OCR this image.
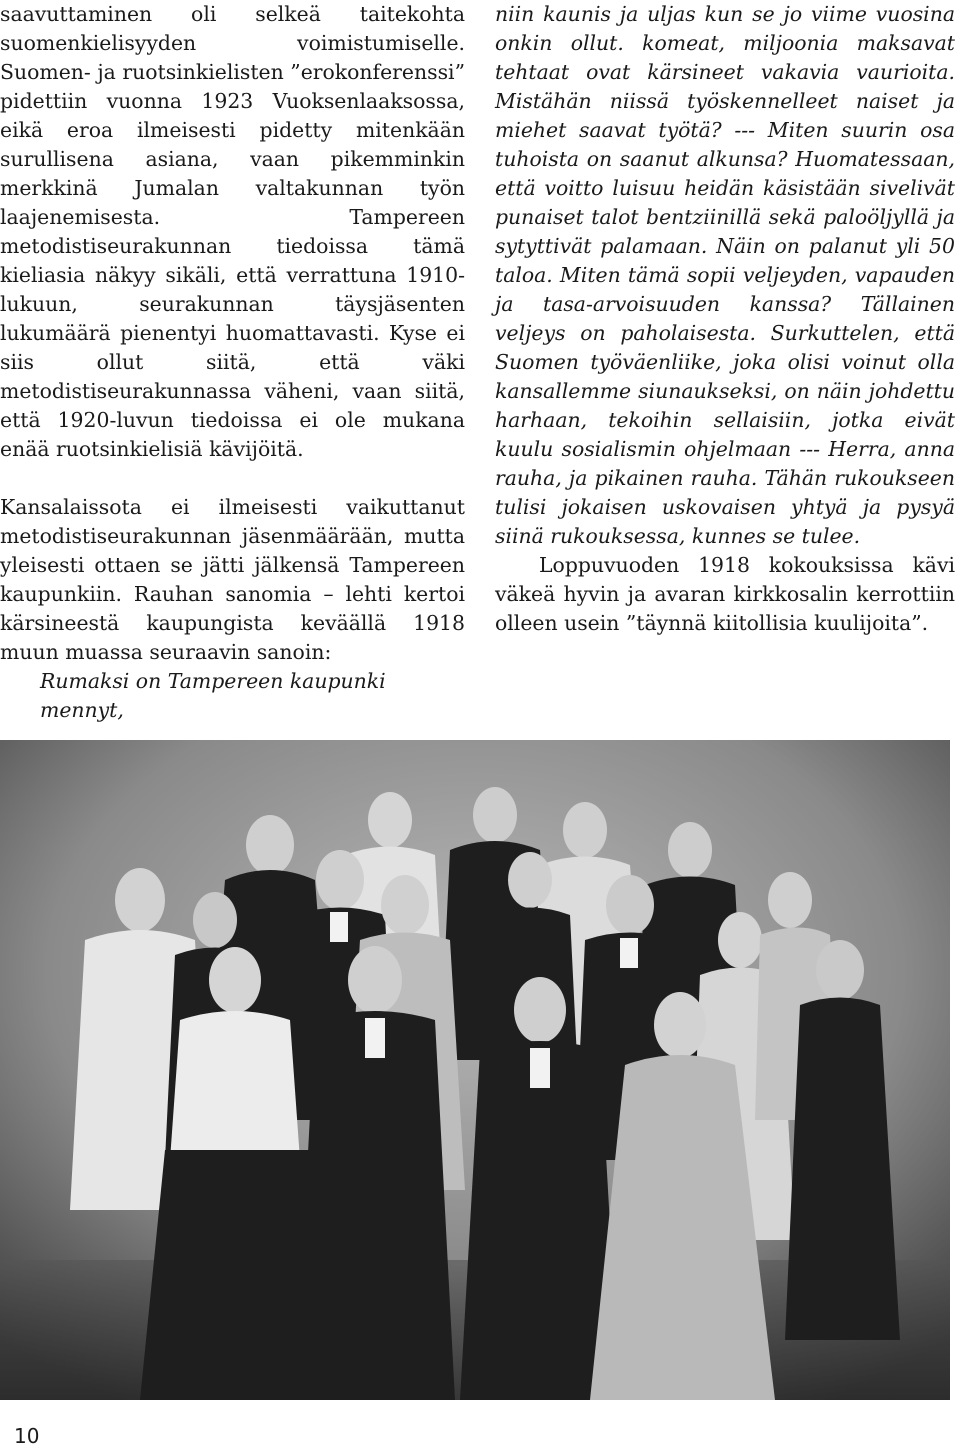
saavuttaminen oli selkeä taitekohta suomenkielisyyden voimistumiselle. Suomen- ja ruotsinkielisten ”erokonferenssi” pidettiin vuonna 1923 Vuoksenlaaksossa, eikä eroa ilmeisesti pidetty mitenkään surullisena asiana, vaan pikemminkin merkkinä Jumalan valtakunnan työn laajenemisesta. Tampereen metodistiseurakunnan tiedoissa tämä kieliasia näkyy sikäli, että verrattuna 1910-lukuun, seurakunnan täysjäsenten lukumäärä pienentyi huomattavasti. Kyse ei siis ollut siitä, että väki metodistiseurakunnassa väheni, vaan siitä, että 1920-luvun tiedoissa ei ole mukana enää ruotsinkielisiä kävijöitä.

Kansalaissota ei ilmeisesti vaikuttanut metodistiseurakunnan jäsenmäärään, mutta yleisesti ottaen se jätti jälkensä Tampereen kaupunkiin. Rauhan sanomia – lehti kertoi kärsineestä kaupungista keväällä 1918 muun muassa seuraavin sanoin:

Rumaksi on Tampereen kaupunki mennyt,

niin kaunis ja uljas kun se jo viime vuosina onkin ollut. komeat, miljoonia maksavat tehtaat ovat kärsineet vakavia vaurioita. Mistähän niissä työskennelleet naiset ja miehet saavat työtä? --- Miten suurin osa tuhoista on saanut alkunsa? Huomatessaan, että voitto luisuu heidän käsistään sivelivät punaiset talot bentziinillä sekä paloöljyllä ja sytyttivät palamaan. Näin on palanut yli 50 taloa. Miten tämä sopii veljeyden, vapauden ja tasa-arvoisuuden kanssa? Tällainen veljeys on paholaisesta. Surkuttelen, että Suomen työväenliike, joka olisi voinut olla kansallemme siunaukseksi, on näin johdettu harhaan, tekoihin sellaisiin, jotka eivät kuulu sosialismin ohjelmaan --- Herra, anna rauha, ja pikainen rauha. Tähän rukoukseen tulisi jokaisen uskovaisen yhtyä ja pysyä siinä rukouksessa, kunnes se tulee.

Loppuvuoden 1918 kokouksissa kävi väkeä hyvin ja avaran kirkkosalin kerrottiin olleen usein ”täynnä kiitollisia kuulijoita”.

10
